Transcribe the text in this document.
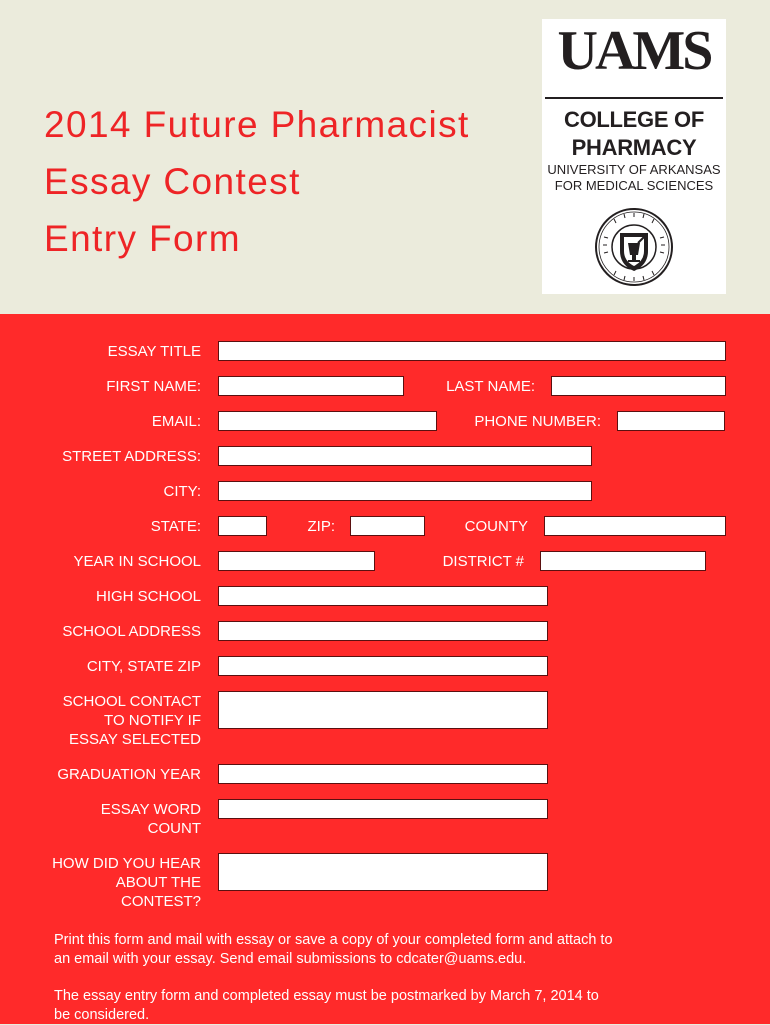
2014 Future Pharmacist
Essay Contest
Entry Form
UAMS
COLLEGE OF
PHARMACY
UNIVERSITY OF ARKANSAS
FOR MEDICAL SCIENCES
ESSAY TITLE
FIRST NAME:	LAST NAME:
EMAIL:	PHONE NUMBER:
STREET ADDRESS:
CITY:
STATE:	ZIP:	COUNTY
YEAR IN SCHOOL	DISTRICT #
HIGH SCHOOL
SCHOOL ADDRESS
CITY, STATE ZIP
SCHOOL CONTACT
TO NOTIFY IF
ESSAY SELECTED
GRADUATION YEAR
ESSAY WORD
COUNT
HOW DID YOU HEAR
ABOUT THE
CONTEST?
Print this form and mail with essay or save a copy of your completed form and attach to
an email with your essay. Send email submissions to cdcater@uams.edu.
The essay entry form and completed essay must be postmarked by March 7, 2014 to
be considered.
